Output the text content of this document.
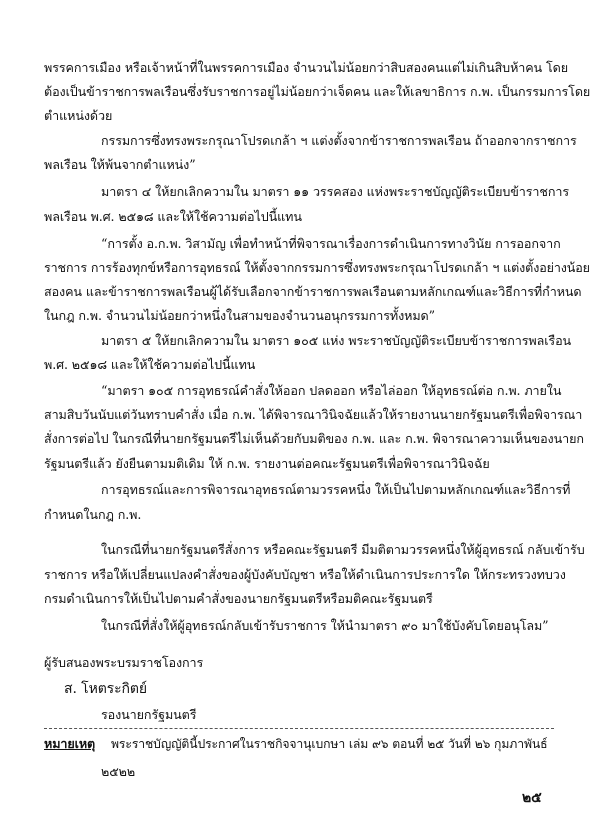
พรรคการเมือง หรือเจ้าหน้าที่ในพรรคการเมือง จำนวนไม่น้อยกว่าสิบสองคนแต่ไม่เกินสิบห้าคน โดย
ต้องเป็นข้าราชการพลเรือนซึ่งรับราชการอยู่ไม่น้อยกว่าเจ็ดคน และให้เลขาธิการ ก.พ. เป็นกรรมการโดย
ตำแหน่งด้วย
กรรมการซึ่งทรงพระกรุณาโปรดเกล้า ฯ แต่งตั้งจากข้าราชการพลเรือน ถ้าออกจากราชการ
พลเรือน ให้พ้นจากตำแหน่ง”
มาตรา ๔ ให้ยกเลิกความใน มาตรา ๑๑ วรรคสอง แห่งพระราชบัญญัติระเบียบข้าราชการ
พลเรือน พ.ศ. ๒๕๑๘ และให้ใช้ความต่อไปนี้แทน
“การตั้ง อ.ก.พ. วิสามัญ เพื่อทำหน้าที่พิจารณาเรื่องการดำเนินการทางวินัย การออกจาก
ราชการ การร้องทุกข์หรือการอุทธรณ์ ให้ตั้งจากกรรมการซึ่งทรงพระกรุณาโปรดเกล้า ฯ แต่งตั้งอย่างน้อย
สองคน และข้าราชการพลเรือนผู้ได้รับเลือกจากข้าราชการพลเรือนตามหลักเกณฑ์และวิธีการที่กำหนด
ในกฎ ก.พ. จำนวนไม่น้อยกว่าหนึ่งในสามของจำนวนอนุกรรมการทั้งหมด”
มาตรา ๕ ให้ยกเลิกความใน มาตรา ๑๐๕ แห่ง พระราชบัญญัติระเบียบข้าราชการพลเรือน
พ.ศ. ๒๕๑๘ และให้ใช้ความต่อไปนี้แทน
“มาตรา ๑๐๕ การอุทธรณ์คำสั่งให้ออก ปลดออก หรือไล่ออก ให้อุทธรณ์ต่อ ก.พ. ภายใน
สามสิบวันนับแต่วันทราบคำสั่ง เมื่อ ก.พ. ได้พิจารณาวินิจฉัยแล้วให้รายงานนายกรัฐมนตรีเพื่อพิจารณา
สั่งการต่อไป ในกรณีที่นายกรัฐมนตรีไม่เห็นด้วยกับมติของ ก.พ. และ ก.พ. พิจารณาความเห็นของนายก
รัฐมนตรีแล้ว ยังยืนตามมติเดิม ให้ ก.พ. รายงานต่อคณะรัฐมนตรีเพื่อพิจารณาวินิจฉัย
การอุทธรณ์และการพิจารณาอุทธรณ์ตามวรรคหนึ่ง ให้เป็นไปตามหลักเกณฑ์และวิธีการที่
กำหนดในกฎ ก.พ.
ในกรณีที่นายกรัฐมนตรีสั่งการ หรือคณะรัฐมนตรี มีมติตามวรรคหนึ่งให้ผู้อุทธรณ์ กลับเข้ารับ
ราชการ หรือให้เปลี่ยนแปลงคำสั่งของผู้บังคับบัญชา หรือให้ดำเนินการประการใด ให้กระทรวงทบวง
กรมดำเนินการให้เป็นไปตามคำสั่งของนายกรัฐมนตรีหรือมติคณะรัฐมนตรี
ในกรณีที่สั่งให้ผู้อุทธรณ์กลับเข้ารับราชการ ให้นำมาตรา ๙๐ มาใช้บังคับโดยอนุโลม”
ผู้รับสนองพระบรมราชโองการ
ส. โหตระกิตย์
รองนายกรัฐมนตรี
หมายเหตุ พระราชบัญญัตินี้ประกาศในราชกิจจานุเบกษา เล่ม ๙๖ ตอนที่ ๒๕ วันที่ ๒๖ กุมภาพันธ์
๒๕๒๒
๒๕
